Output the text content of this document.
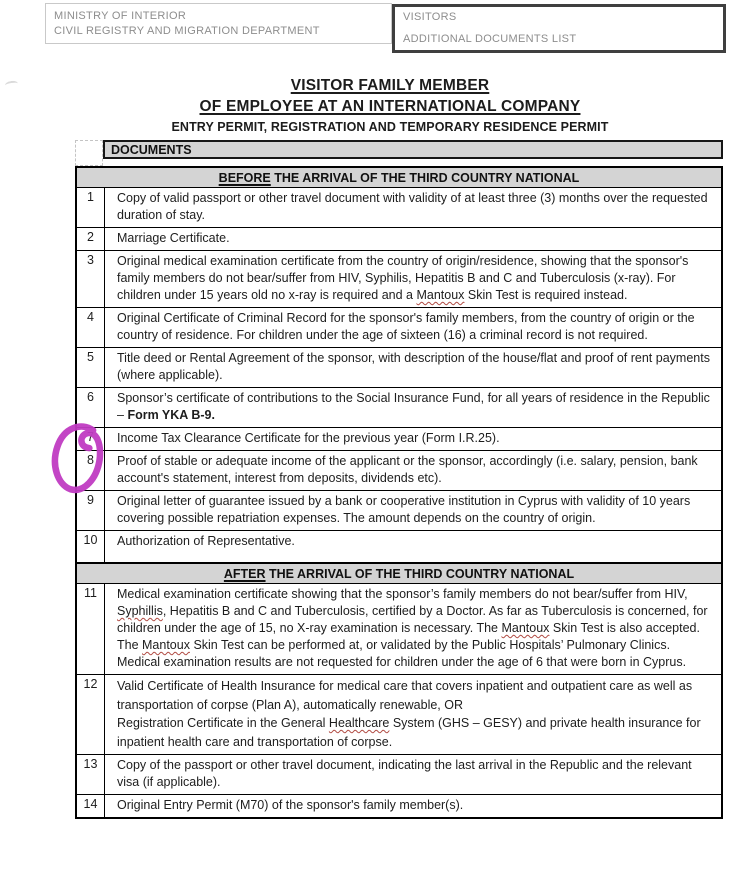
MINISTRY OF INTERIOR
CIVIL REGISTRY AND MIGRATION DEPARTMENT
VISITORS
ADDITIONAL DOCUMENTS LIST
VISITOR FAMILY MEMBER
OF EMPLOYEE AT AN INTERNATIONAL COMPANY
ENTRY PERMIT, REGISTRATION AND TEMPORARY RESIDENCE PERMIT
DOCUMENTS
BEFORE THE ARRIVAL OF THE THIRD COUNTRY NATIONAL
1	Copy of valid passport or other travel document with validity of at least three (3) months over the requested duration of stay.
2	Marriage Certificate.
3	Original medical examination certificate from the country of origin/residence, showing that the sponsor's family members do not bear/suffer from HIV, Syphilis, Hepatitis B and C and Tuberculosis (x-ray). For children under 15 years old no x-ray is required and a Mantoux Skin Test is required instead.
4	Original Certificate of Criminal Record for the sponsor's family members, from the country of origin or the country of residence. For children under the age of sixteen (16) a criminal record is not required.
5	Title deed or Rental Agreement of the sponsor, with description of the house/flat and proof of rent payments (where applicable).
6	Sponsor’s certificate of contributions to the Social Insurance Fund, for all years of residence in the Republic – Form YKA B-9.
7	Income Tax Clearance Certificate for the previous year (Form I.R.25).
8	Proof of stable or adequate income of the applicant or the sponsor, accordingly (i.e. salary, pension, bank account's statement, interest from deposits, dividends etc).
9	Original letter of guarantee issued by a bank or cooperative institution in Cyprus with validity of 10 years covering possible repatriation expenses. The amount depends on the country of origin.
10	Authorization of Representative.
AFTER THE ARRIVAL OF THE THIRD COUNTRY NATIONAL
11	Medical examination certificate showing that the sponsor’s family members do not bear/suffer from HIV, Syphillis, Hepatitis B and C and Tuberculosis, certified by a Doctor. As far as Tuberculosis is concerned, for children under the age of 15, no X-ray examination is necessary. The Mantoux Skin Test is also accepted. The Mantoux Skin Test can be performed at, or validated by the Public Hospitals’ Pulmonary Clinics. Medical examination results are not requested for children under the age of 6 that were born in Cyprus.
12	Valid Certificate of Health Insurance for medical care that covers inpatient and outpatient care as well as transportation of corpse (Plan A), automatically renewable, OR
Registration Certificate in the General Healthcare System (GHS – GESY) and private health insurance for inpatient health care and transportation of corpse.
13	Copy of the passport or other travel document, indicating the last arrival in the Republic and the relevant visa (if applicable).
14	Original Entry Permit (M70) of the sponsor's family member(s).
